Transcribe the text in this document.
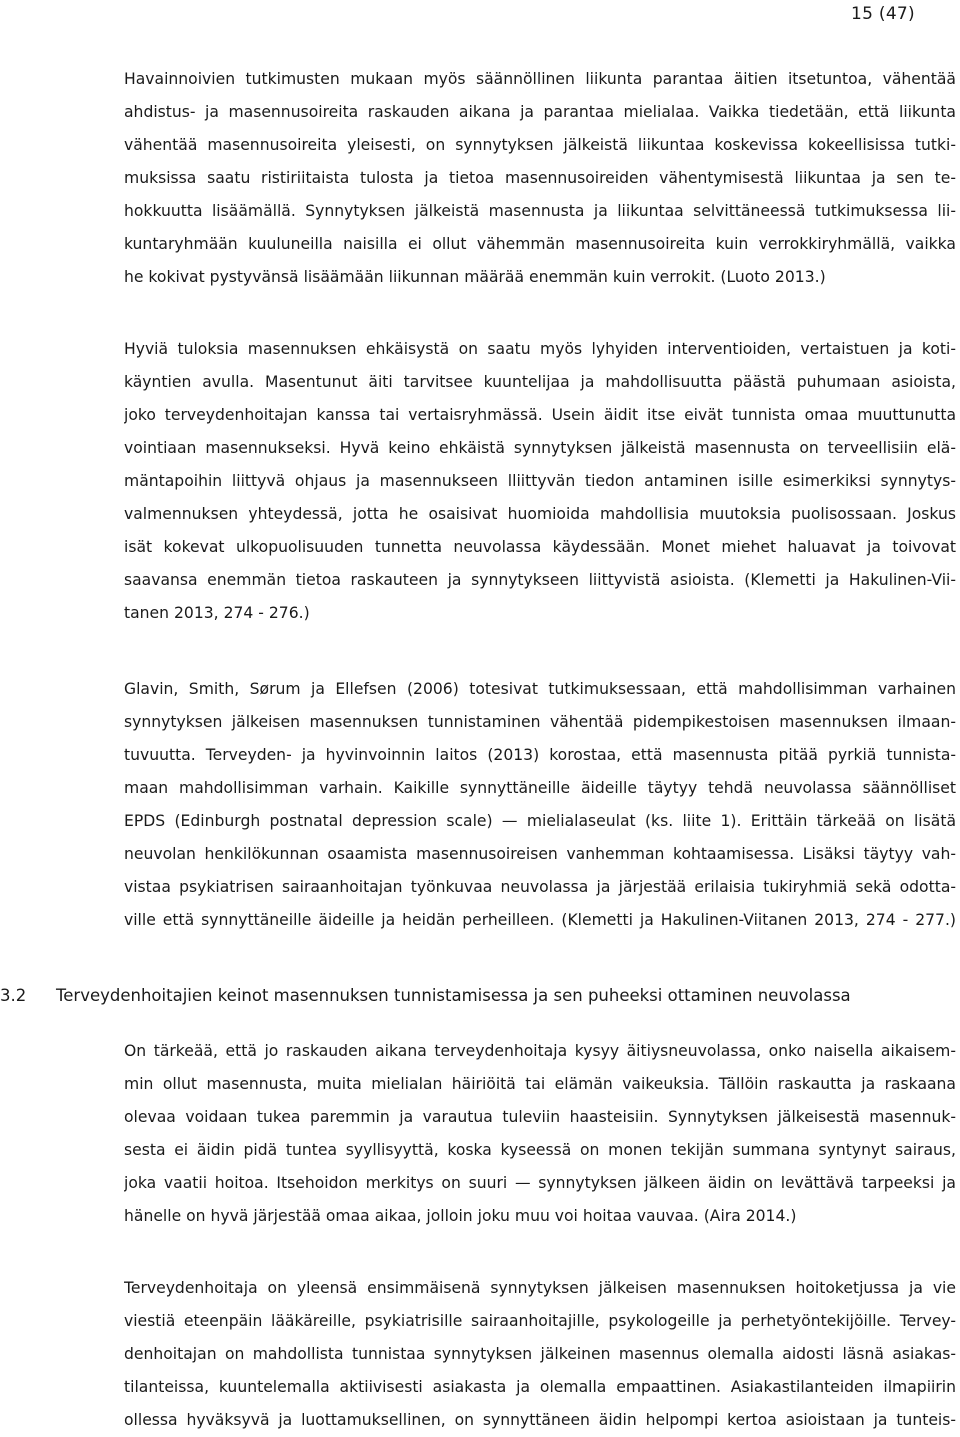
15 (47)
Havainnoivien tutkimusten mukaan myös säännöllinen liikunta parantaa äitien itsetuntoa, vähentää
ahdistus- ja masennusoireita raskauden aikana ja parantaa mielialaa. Vaikka tiedetään, että liikunta
vähentää masennusoireita yleisesti, on synnytyksen jälkeistä liikuntaa koskevissa kokeellisissa tutki-
muksissa saatu ristiriitaista tulosta ja tietoa masennusoireiden vähentymisestä liikuntaa ja sen te-
hokkuutta lisäämällä. Synnytyksen jälkeistä masennusta ja liikuntaa selvittäneessä tutkimuksessa lii-
kuntaryhmään kuuluneilla naisilla ei ollut vähemmän masennusoireita kuin verrokkiryhmällä, vaikka
he kokivat pystyvänsä lisäämään liikunnan määrää enemmän kuin verrokit. (Luoto 2013.)
Hyviä tuloksia masennuksen ehkäisystä on saatu myös lyhyiden interventioiden, vertaistuen ja koti-
käyntien avulla. Masentunut äiti tarvitsee kuuntelijaa ja mahdollisuutta päästä puhumaan asioista,
joko terveydenhoitajan kanssa tai vertaisryhmässä. Usein äidit itse eivät tunnista omaa muuttunutta
vointiaan masennukseksi. Hyvä keino ehkäistä synnytyksen jälkeistä masennusta on terveellisiin elä-
mäntapoihin liittyvä ohjaus ja masennukseen lliittyvän tiedon antaminen isille esimerkiksi synnytys-
valmennuksen yhteydessä, jotta he osaisivat huomioida mahdollisia muutoksia puolisossaan. Joskus
isät kokevat ulkopuolisuuden tunnetta neuvolassa käydessään. Monet miehet haluavat ja toivovat
saavansa enemmän tietoa raskauteen ja synnytykseen liittyvistä asioista. (Klemetti ja Hakulinen-Vii-
tanen 2013, 274 - 276.)
Glavin, Smith, Sørum ja Ellefsen (2006) totesivat tutkimuksessaan, että mahdollisimman varhainen
synnytyksen jälkeisen masennuksen tunnistaminen vähentää pidempikestoisen masennuksen ilmaan-
tuvuutta. Terveyden- ja hyvinvoinnin laitos (2013) korostaa, että masennusta pitää pyrkiä tunnista-
maan mahdollisimman varhain. Kaikille synnyttäneille äideille täytyy tehdä neuvolassa säännölliset
EPDS (Edinburgh postnatal depression scale) — mielialaseulat (ks. liite 1). Erittäin tärkeää on lisätä
neuvolan henkilökunnan osaamista masennusoireisen vanhemman kohtaamisessa. Lisäksi täytyy vah-
vistaa psykiatrisen sairaanhoitajan työnkuvaa neuvolassa ja järjestää erilaisia tukiryhmiä sekä odotta-
ville että synnyttäneille äideille ja heidän perheilleen. (Klemetti ja Hakulinen-Viitanen 2013, 274 - 277.)
3.2 Terveydenhoitajien keinot masennuksen tunnistamisessa ja sen puheeksi ottaminen neuvolassa
On tärkeää, että jo raskauden aikana terveydenhoitaja kysyy äitiysneuvolassa, onko naisella aikaisem-
min ollut masennusta, muita mielialan häiriöitä tai elämän vaikeuksia. Tällöin raskautta ja raskaana
olevaa voidaan tukea paremmin ja varautua tuleviin haasteisiin. Synnytyksen jälkeisestä masennuk-
sesta ei äidin pidä tuntea syyllisyyttä, koska kyseessä on monen tekijän summana syntynyt sairaus,
joka vaatii hoitoa. Itsehoidon merkitys on suuri — synnytyksen jälkeen äidin on levättävä tarpeeksi ja
hänelle on hyvä järjestää omaa aikaa, jolloin joku muu voi hoitaa vauvaa. (Aira 2014.)
Terveydenhoitaja on yleensä ensimmäisenä synnytyksen jälkeisen masennuksen hoitoketjussa ja vie
viestiä eteenpäin lääkäreille, psykiatrisille sairaanhoitajille, psykologeille ja perhetyöntekijöille. Tervey-
denhoitajan on mahdollista tunnistaa synnytyksen jälkeinen masennus olemalla aidosti läsnä asiakas-
tilanteissa, kuuntelemalla aktiivisesti asiakasta ja olemalla empaattinen. Asiakastilanteiden ilmapiirin
ollessa hyväksyvä ja luottamuksellinen, on synnyttäneen äidin helpompi kertoa asioistaan ja tunteis-
